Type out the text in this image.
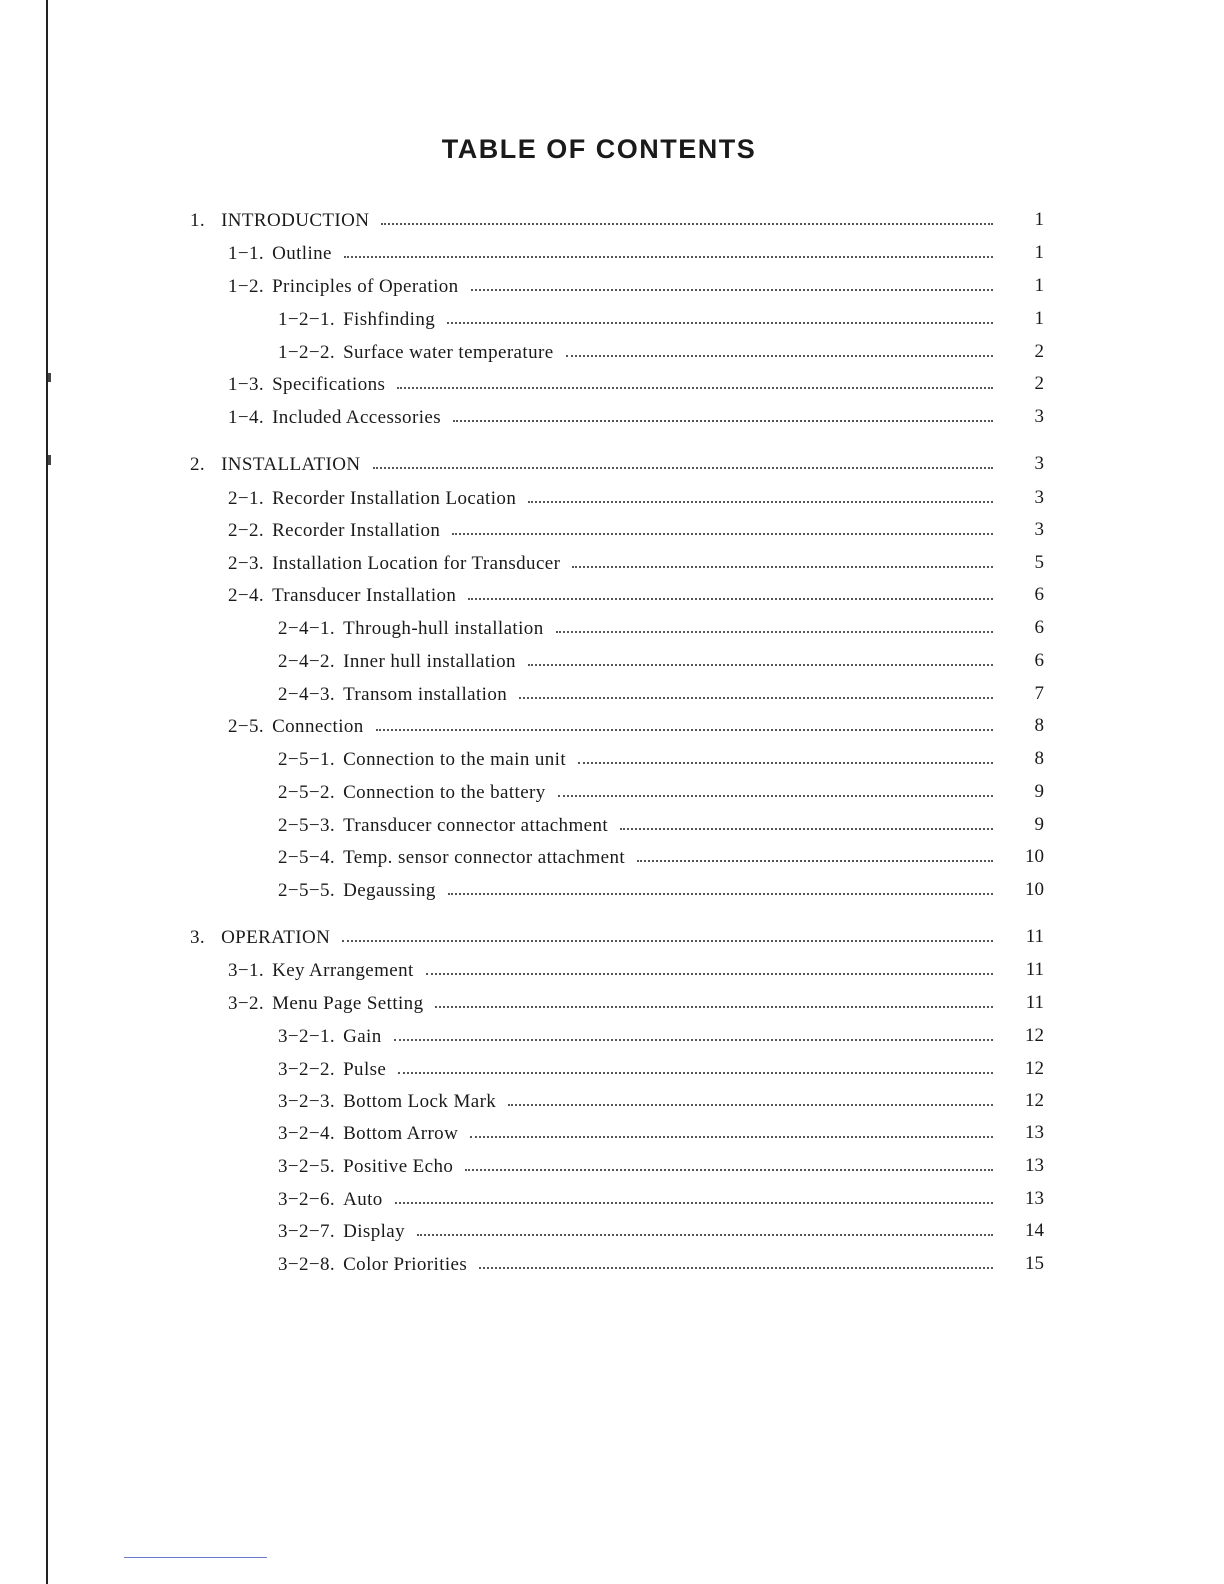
TABLE OF CONTENTS
1. INTRODUCTION	1
1−1. Outline	1
1−2. Principles of Operation	1
1−2−1. Fishfinding	1
1−2−2. Surface water temperature	2
1−3. Specifications	2
1−4. Included Accessories	3
2. INSTALLATION	3
2−1. Recorder Installation Location	3
2−2. Recorder Installation	3
2−3. Installation Location for Transducer	5
2−4. Transducer Installation	6
2−4−1. Through-hull installation	6
2−4−2. Inner hull installation	6
2−4−3. Transom installation	7
2−5. Connection	8
2−5−1. Connection to the main unit	8
2−5−2. Connection to the battery	9
2−5−3. Transducer connector attachment	9
2−5−4. Temp. sensor connector attachment	10
2−5−5. Degaussing	10
3. OPERATION	11
3−1. Key Arrangement	11
3−2. Menu Page Setting	11
3−2−1. Gain	12
3−2−2. Pulse	12
3−2−3. Bottom Lock Mark	12
3−2−4. Bottom Arrow	13
3−2−5. Positive Echo	13
3−2−6. Auto	13
3−2−7. Display	14
3−2−8. Color Priorities	15
